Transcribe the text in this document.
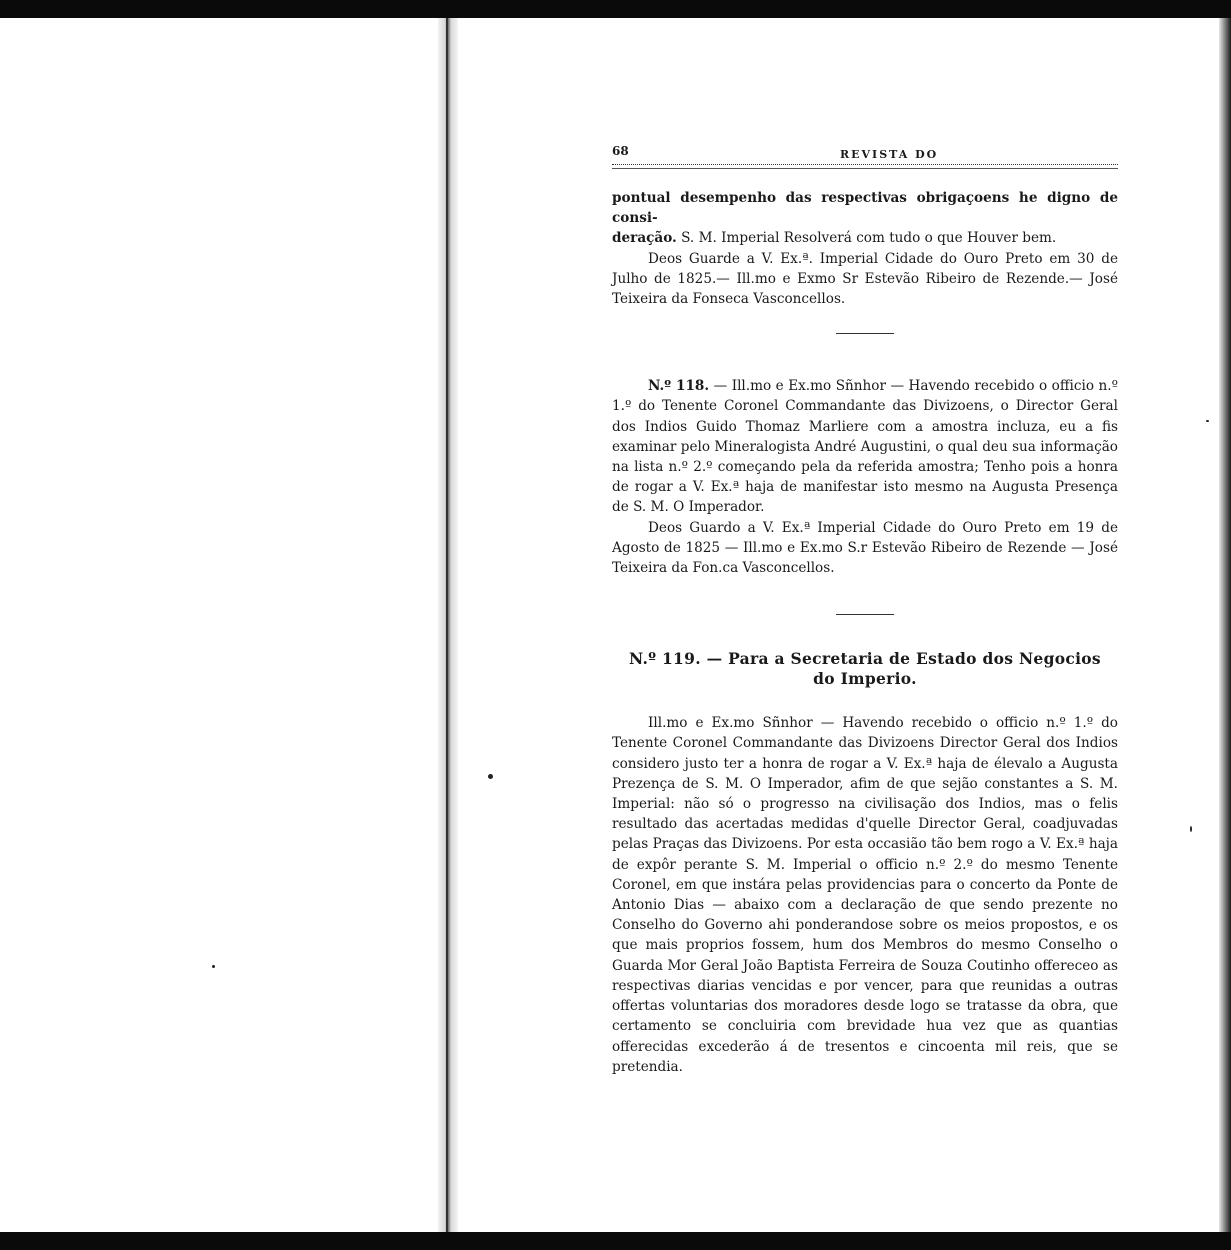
68	REVISTA DO

pontual desempenho das respectivas obrigaçoens he digno de consi-

deração. S. M. Imperial Resolverá com tudo o que Houver bem.

Deos Guarde a V. Ex.ª. Imperial Cidade do Ouro Preto em 30 de Julho de 1825.— Ill.mo e Exmo Sr Estevão Ribeiro de Rezende.— José Teixeira da Fonseca Vasconcellos.

N.º 118. — Ill.mo e Ex.mo Sñnhor — Havendo recebido o officio n.º 1.º do Tenente Coronel Commandante das Divizoens, o Director Geral dos Indios Guido Thomaz Marliere com a amostra incluza, eu a fis examinar pelo Mineralogista André Augustini, o qual deu sua informação na lista n.º 2.º começando pela da referida amostra; Tenho pois a honra de rogar a V. Ex.ª haja de manifestar isto mesmo na Augusta Presença de S. M. O Imperador.

Deos Guardo a V. Ex.ª Imperial Cidade do Ouro Preto em 19 de Agosto de 1825 — Ill.mo e Ex.mo S.r Estevão Ribeiro de Rezende — José Teixeira da Fon.ca Vasconcellos.

N.º 119. — Para a Secretaria de Estado dos Negocios
do Imperio.

Ill.mo e Ex.mo Sñnhor — Havendo recebido o officio n.º 1.º do Tenente Coronel Commandante das Divizoens Director Geral dos Indios considero justo ter a honra de rogar a V. Ex.ª haja de élevalo a Augusta Prezença de S. M. O Imperador, afim de que sejão constantes a S. M. Imperial: não só o progresso na civilisação dos Indios, mas o felis resultado das acertadas medidas d'quelle Director Geral, coadjuvadas pelas Praças das Divizoens. Por esta occasião tão bem rogo a V. Ex.ª haja de expôr perante S. M. Imperial o officio n.º 2.º do mesmo Tenente Coronel, em que instára pelas providencias para o concerto da Ponte de Antonio Dias — abaixo com a declaração de que sendo prezente no Conselho do Governo ahi ponderandose sobre os meios propostos, e os que mais proprios fossem, hum dos Membros do mesmo Conselho o Guarda Mor Geral João Baptista Ferreira de Souza Coutinho offereceo as respectivas diarias vencidas e por vencer, para que reunidas a outras offertas voluntarias dos moradores desde logo se tratasse da obra, que certamento se concluiria com brevidade hua vez que as quantias offerecidas excederão á de tresentos e cincoenta mil reis, que se pretendia.
